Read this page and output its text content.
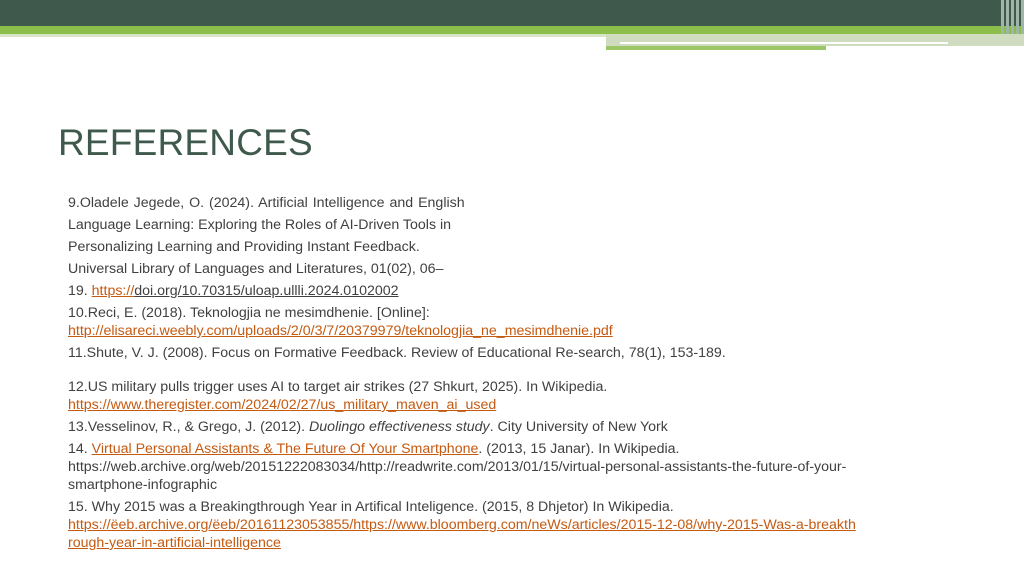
REFERENCES
9.Oladele Jegede, O. (2024). Artificial Intelligence and English
Language Learning: Exploring the Roles of AI-Driven Tools in
Personalizing Learning and Providing Instant Feedback.
Universal Library of Languages and Literatures, 01(02), 06–
19. https://doi.org/10.70315/uloap.ullli.2024.0102002
10.Reci, E. (2018). Teknologjia ne mesimdhenie. [Online]:
http://elisareci.weebly.com/uploads/2/0/3/7/20379979/teknologjia_ne_mesimdhenie.pdf
11.Shute, V. J. (2008). Focus on Formative Feedback. Review of Educational Re-search, 78(1), 153-189.
12.US military pulls trigger uses AI to target air strikes (27 Shkurt, 2025). In Wikipedia.
https://www.theregister.com/2024/02/27/us_military_maven_ai_used
13.Vesselinov, R., & Grego, J. (2012). Duolingo effectiveness study. City University of New York
14. Virtual Personal Assistants & The Future Of Your Smartphone. (2013, 15 Janar). In Wikipedia.
https://web.archive.org/web/20151222083034/http://readwrite.com/2013/01/15/virtual-personal-assistants-the-future-of-your-
smartphone-infographic
15. Why 2015 was a Breakingthrough Year in Artifical Inteligence. (2015, 8 Dhjetor) In Wikipedia.
https://ëeb.archive.org/ëeb/20161123053855/https://www.bloomberg.com/neWs/articles/2015-12-08/why-2015-Was-a-breakth
rough-year-in-artificial-intelligence
